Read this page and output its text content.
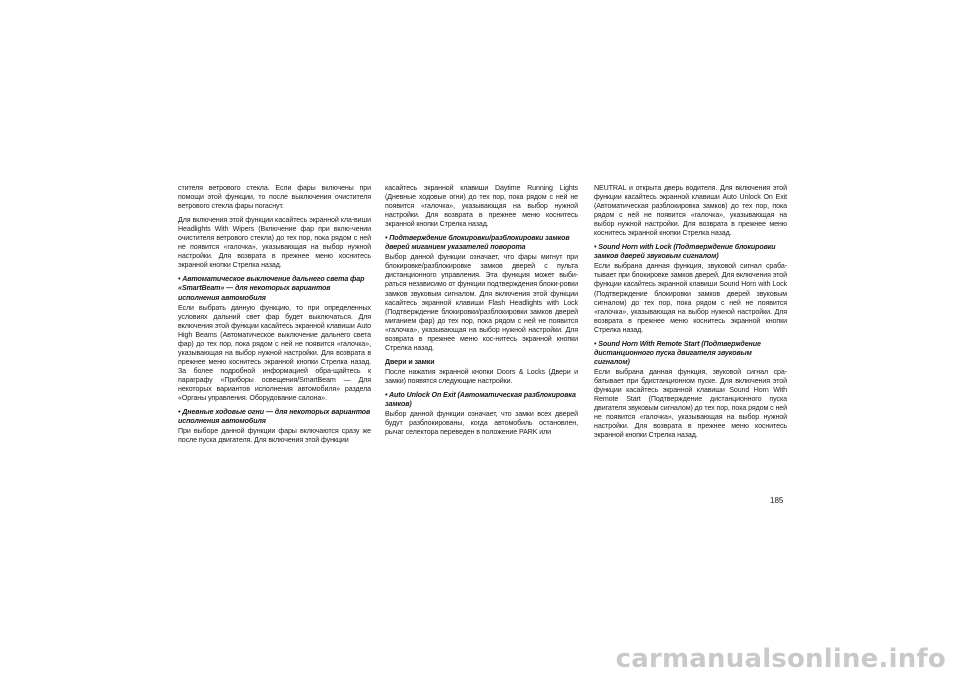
стителя ветрового стекла. Если фары включены при помощи этой функции, то после выключения очистителя ветрового стекла фары погаснут.

Для включения этой функции касайтесь экранной кла-виши Headlights With Wipers (Включение фар при вклю-чении очистителя ветрового стекла) до тех пор, пока рядом с ней не появится «галочка», указывающая на выбор нужной настройки. Для возврата в прежнее меню коснитесь экранной кнопки Стрелка назад.

• Автоматическое выключение дальнего света фар «SmartBeam» — для некоторых вариантов исполнения автомобиля

Если выбрать данную функцию, то при определенных условиях дальний свет фар будет выключаться. Для включения этой функции касайтесь экранной клавиши Auto High Beams (Автоматическое выключение дальнего света фар) до тех пор, пока рядом с ней не появится «галочка», указывающая на выбор нужной настройки. Для возврата в прежнее меню коснитесь экранной кнопки Стрелка назад. За более подробной информацией обра-щайтесь к параграфу «Приборы освещения/SmartBeam — Для некоторых вариантов исполнения автомобиля» раздела «Органы управления. Оборудование салона».

• Дневные ходовые огни — для некоторых вариантов исполнения автомобиля

При выборе данной функции фары включаются сразу же после пуска двигателя. Для включения этой функции

касайтесь экранной клавиши Daytime Running Lights (Дневные ходовые огни) до тех пор, пока рядом с ней не появится «галочка», указывающая на выбор нужной настройки. Для возврата в прежнее меню коснитесь экранной кнопки Стрелка назад.

• Подтверждение блокировки/разблокировки замков дверей миганием указателей поворота

Выбор данной функции означает, что фары мигнут при блокировке/разблокировке замков дверей с пульта дистанционного управления. Эта функция может выби-раться независимо от функции подтверждения блоки-ровки замков звуковым сигналом. Для включения этой функции касайтесь экранной клавиши Flash Headlights with Lock (Подтверждение блокировки/разблокировки замков дверей миганием фар) до тех пор, пока рядом с ней не появится «галочка», указывающая на выбор нужной настройки. Для возврата в прежнее меню кос-нитесь экранной кнопки Стрелка назад.

Двери и замки

После нажатия экранной кнопки Doors & Locks (Двери и замки) появятся следующие настройки.

• Auto Unlock On Exit (Автоматическая разблокировка замков)

Выбор данной функции означает, что замки всех дверей будут разблокированы, когда автомобиль остановлен, рычаг селектора переведен в положение PARK или

NEUTRAL и открыта дверь водителя. Для включения этой функции касайтесь экранной клавиши Auto Unlock On Exit (Автоматическая разблокировка замков) до тех пор, пока рядом с ней не появится «галочка», указывающая на выбор нужной настройки. Для возврата в прежнее меню коснитесь экранной кнопки Стрелка назад.

• Sound Horn with Lock (Подтверждение блокировки замков дверей звуковым сигналом)

Если выбрана данная функция, звуковой сигнал сраба-тывает при блокировке замков дверей. Для включения этой функции касайтесь экранной клавиши Sound Horn with Lock (Подтверждение блокировки замков дверей звуковым сигналом) до тех пор, пока рядом с ней не появится «галочка», указывающая на выбор нужной настройки. Для возврата в прежнее меню коснитесь экранной кнопки Стрелка назад.

• Sound Horn With Remote Start (Подтверждение дистанционного пуска двигателя звуковым сигналом)

Если выбрана данная функция, звуковой сигнал сра-батывает при бдистанционном пуске. Для включения этой функции касайтесь экранной клавиши Sound Horn With Remote Start (Подтверждение дистанционного пуска двигателя звуковым сигналом) до тех пор, пока рядом с ней не появится «галочка», указывающая на выбор нужной настройки. Для возврата в прежнее меню коснитесь экранной кнопки Стрелка назад.

185
carmanualsonline.info
